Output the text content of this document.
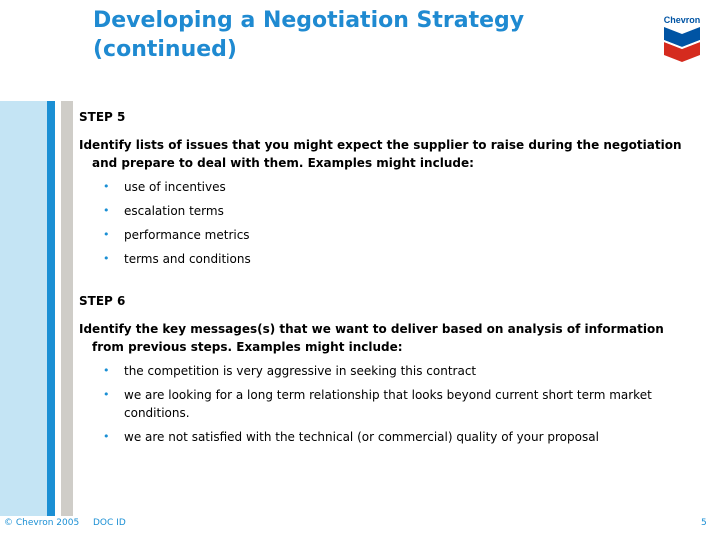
Developing a Negotiation Strategy
(continued)
Chevron
STEP 5
Identify lists of issues that you might expect the supplier to raise during the negotiation and prepare to deal with them. Examples might include:
• use of incentives
• escalation terms
• performance metrics
• terms and conditions
STEP 6
Identify the key messages(s) that we want to deliver based on analysis of information from previous steps. Examples might include:
• the competition is very aggressive in seeking this contract
• we are looking for a long term relationship that looks beyond current short term market conditions.
• we are not satisfied with the technical (or commercial) quality of your proposal
© Chevron 2005 DOC ID	5
